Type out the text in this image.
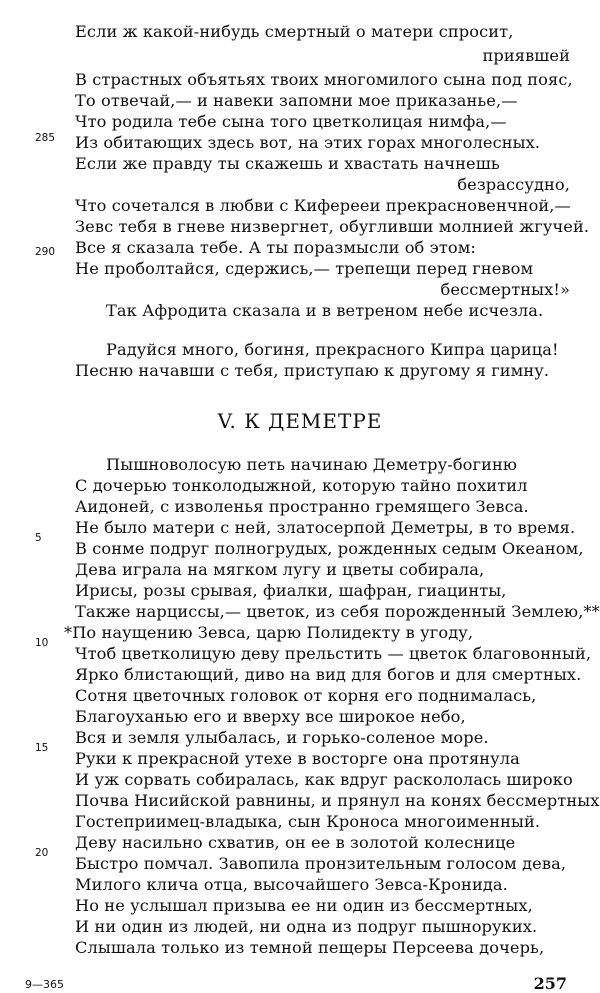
Если ж какой-нибудь смертный о матери спросит,
приявшей
В страстных объятьях твоих многомилого сына под пояс,
То отвечай,— и навеки запомни мое приказанье,—
Что родила тебе сына того цветколицая нимфа,—
285 Из обитающих здесь вот, на этих горах многолесных.
Если же правду ты скажешь и хвастать начнешь
безрассудно,
Что сочетался в любви с Киферееи прекрасновенчной,—
Зевс тебя в гневе низвергнет, обугливши молнией жгучей.
Все я сказала тебе. А ты поразмысли об этом:
290
Не проболтайся, сдержись,— трепещи перед гневом
бессмертных!»
Так Афродита сказала и в ветреном небе исчезла.
Радуйся много, богиня, прекрасного Кипра царица!
Песню начавши с тебя, приступаю к другому я гимну.
V. К ДЕМЕТРЕ
Пышноволосую петь начинаю Деметру-богиню
С дочерью тонколодыжной, которую тайно похитил
Аидоней, с изволенья пространно гремящего Зевса.
Не было матери с ней, златосерпой Деметры, в то время.
5
В сонме подруг полногрудых, рожденных седым Океаном,
Дева играла на мягком лугу и цветы собирала,
Ирисы, розы срывая, фиалки, шафран, гиацинты,
Также нарциссы,— цветок, из себя порожденный Землею,**
*По наущению Зевса, царю Полидекту в угоду,
10
Чтоб цветколицую деву прельстить — цветок благовонный,
Ярко блистающий, диво на вид для богов и для смертных.
Сотня цветочных головок от корня его поднималась,
Благоуханью его и вверху все широкое небо,
Вся и земля улыбалась, и горько-соленое море.
15
Руки к прекрасной утехе в восторге она протянула
И уж сорвать собиралась, как вдруг раскололась широко
Почва Нисийской равнины, и прянул на конях бессмертных
Гостеприимец-владыка, сын Кроноса многоименный.
Деву насильно схватив, он ее в золотой колеснице
20
Быстро помчал. Завопила пронзительным голосом дева,
Милого клича отца, высочайшего Зевса-Кронида.
Но не услышал призыва ее ни один из бессмертных,
И ни один из людей, ни одна из подруг пышноруких.
Слышала только из темной пещеры Персеева дочерь,
9—365	257
